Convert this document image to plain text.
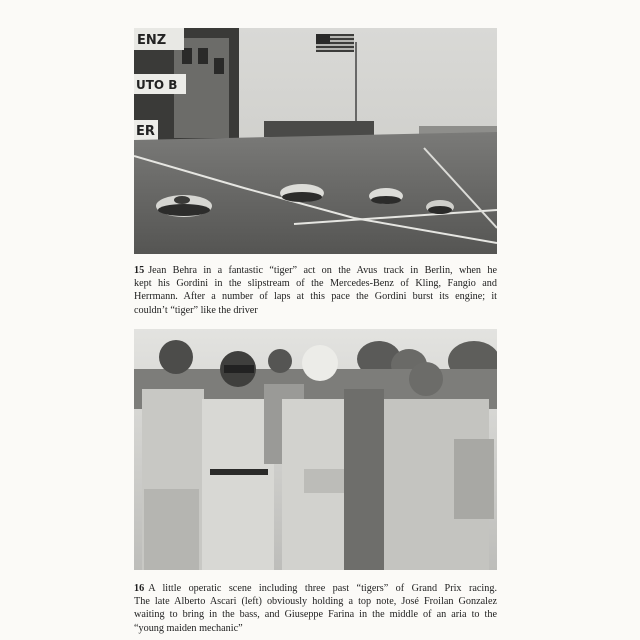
ENZ
UTO B
ER
15 Jean Behra in a fantastic “tiger” act on the Avus track in Berlin, when he
kept his Gordini in the slipstream of the Mercedes-Benz of Kling, Fangio and
Herrmann. After a number of laps at this pace the Gordini burst its engine; it
couldn’t “tiger” like the driver
16 A little operatic scene including three past “tigers” of Grand Prix racing.
The late Alberto Ascari (left) obviously holding a top note, José Froilan Gonzalez
waiting to bring in the bass, and Giuseppe Farina in the middle of an aria to the
“young maiden mechanic”
